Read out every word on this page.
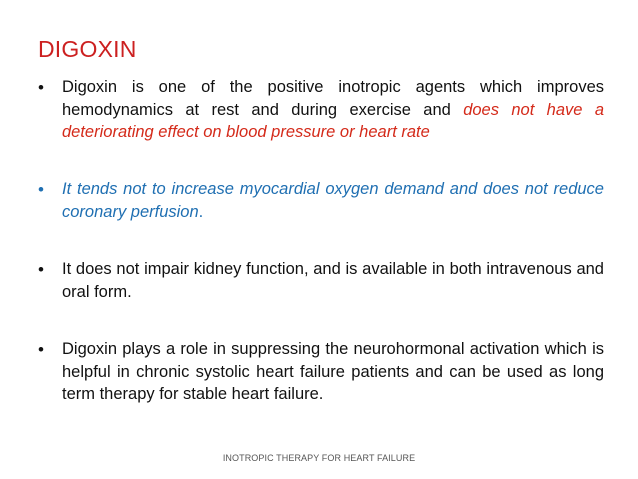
DIGOXIN
•	Digoxin is one of the positive inotropic agents which improves hemodynamics at rest and during exercise and does not have a deteriorating effect on blood pressure or heart rate
•	It tends not to increase myocardial oxygen demand and does not reduce coronary perfusion.
•	It does not impair kidney function, and is available in both intravenous and oral form.
•	Digoxin plays a role in suppressing the neurohormonal activation which is helpful in chronic systolic heart failure patients and can be used as long term therapy for stable heart failure.
INOTROPIC THERAPY FOR HEART FAILURE
